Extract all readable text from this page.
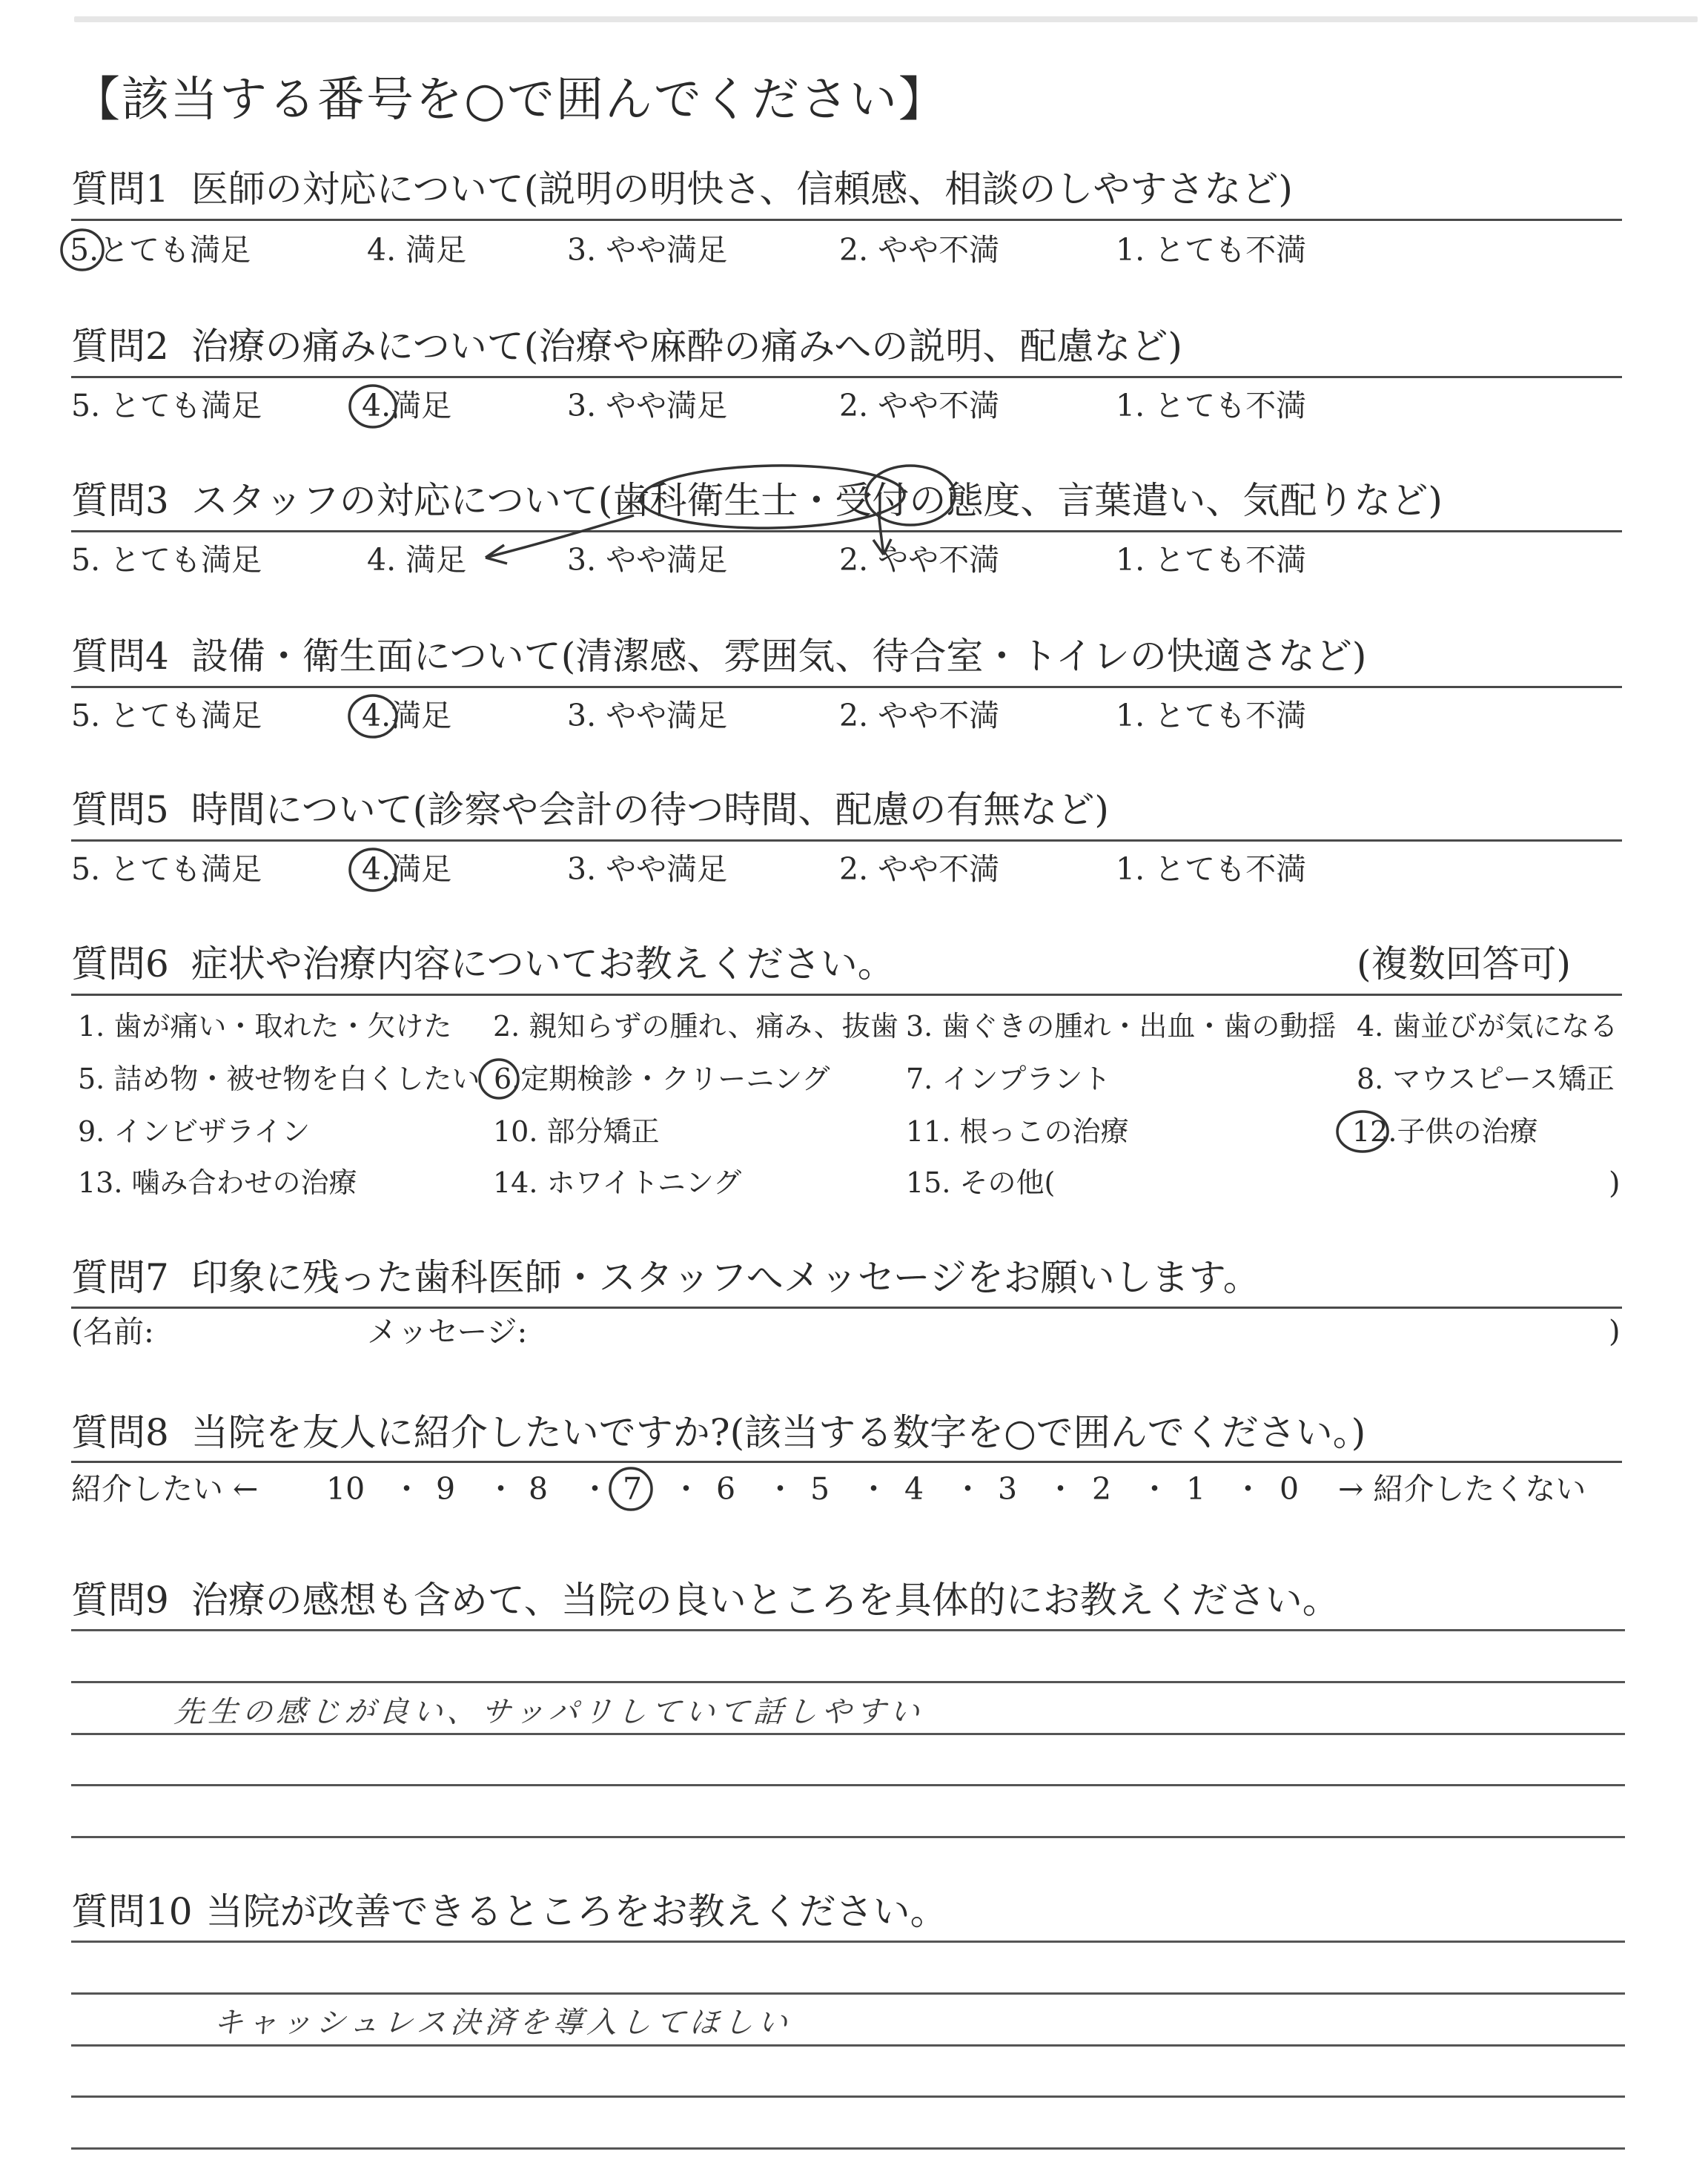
【該当する番号を○で囲んでください】
質問1 医師の対応について(説明の明快さ、信頼感、相談のしやすさなど)
5.とても満足	4. 満足	3. やや満足	2. やや不満	1. とても不満
質問2 治療の痛みについて(治療や麻酔の痛みへの説明、配慮など)
5. とても満足	4.満足	3. やや満足	2. やや不満	1. とても不満
質問3 スタッフの対応について(歯科衛生士・受付の態度、言葉遣い、気配りなど)
5. とても満足	4. 満足	3. やや満足	2. やや不満	1. とても不満
質問4 設備・衛生面について(清潔感、雰囲気、待合室・トイレの快適さなど)
5. とても満足	4.満足	3. やや満足	2. やや不満	1. とても不満
質問5 時間について(診察や会計の待つ時間、配慮の有無など)
5. とても満足	4.満足	3. やや満足	2. やや不満	1. とても不満
質問6 症状や治療内容についてお教えください。	(複数回答可)
1. 歯が痛い・取れた・欠けた 2. 親知らずの腫れ、痛み、抜歯 3. 歯ぐきの腫れ・出血・歯の動揺 4. 歯並びが気になる
5. 詰め物・被せ物を白くしたい 6.定期検診・クリーニング	7. インプラント	8. マウスピース矯正
9. インビザライン	10. 部分矯正	11. 根っこの治療	12.子供の治療
13. 噛み合わせの治療	14. ホワイトニング	15. その他(	)
質問7 印象に残った歯科医師・スタッフへメッセージをお願いします。
(名前:	メッセージ:	)
質問8 当院を友人に紹介したいですか?(該当する数字を○で囲んでください。)
紹介したい ←	→ 紹介したくない
10 ・ 9 ・ 8 ・ 7 ・ 6 ・ 5 ・ 4 ・ 3 ・ 2 ・ 1 ・ 0
質問9 治療の感想も含めて、当院の良いところを具体的にお教えください。
先生の感じが良い、サッパリしていて話しやすい
質問10 当院が改善できるところをお教えください。
キャッシュレス決済を導入してほしい
